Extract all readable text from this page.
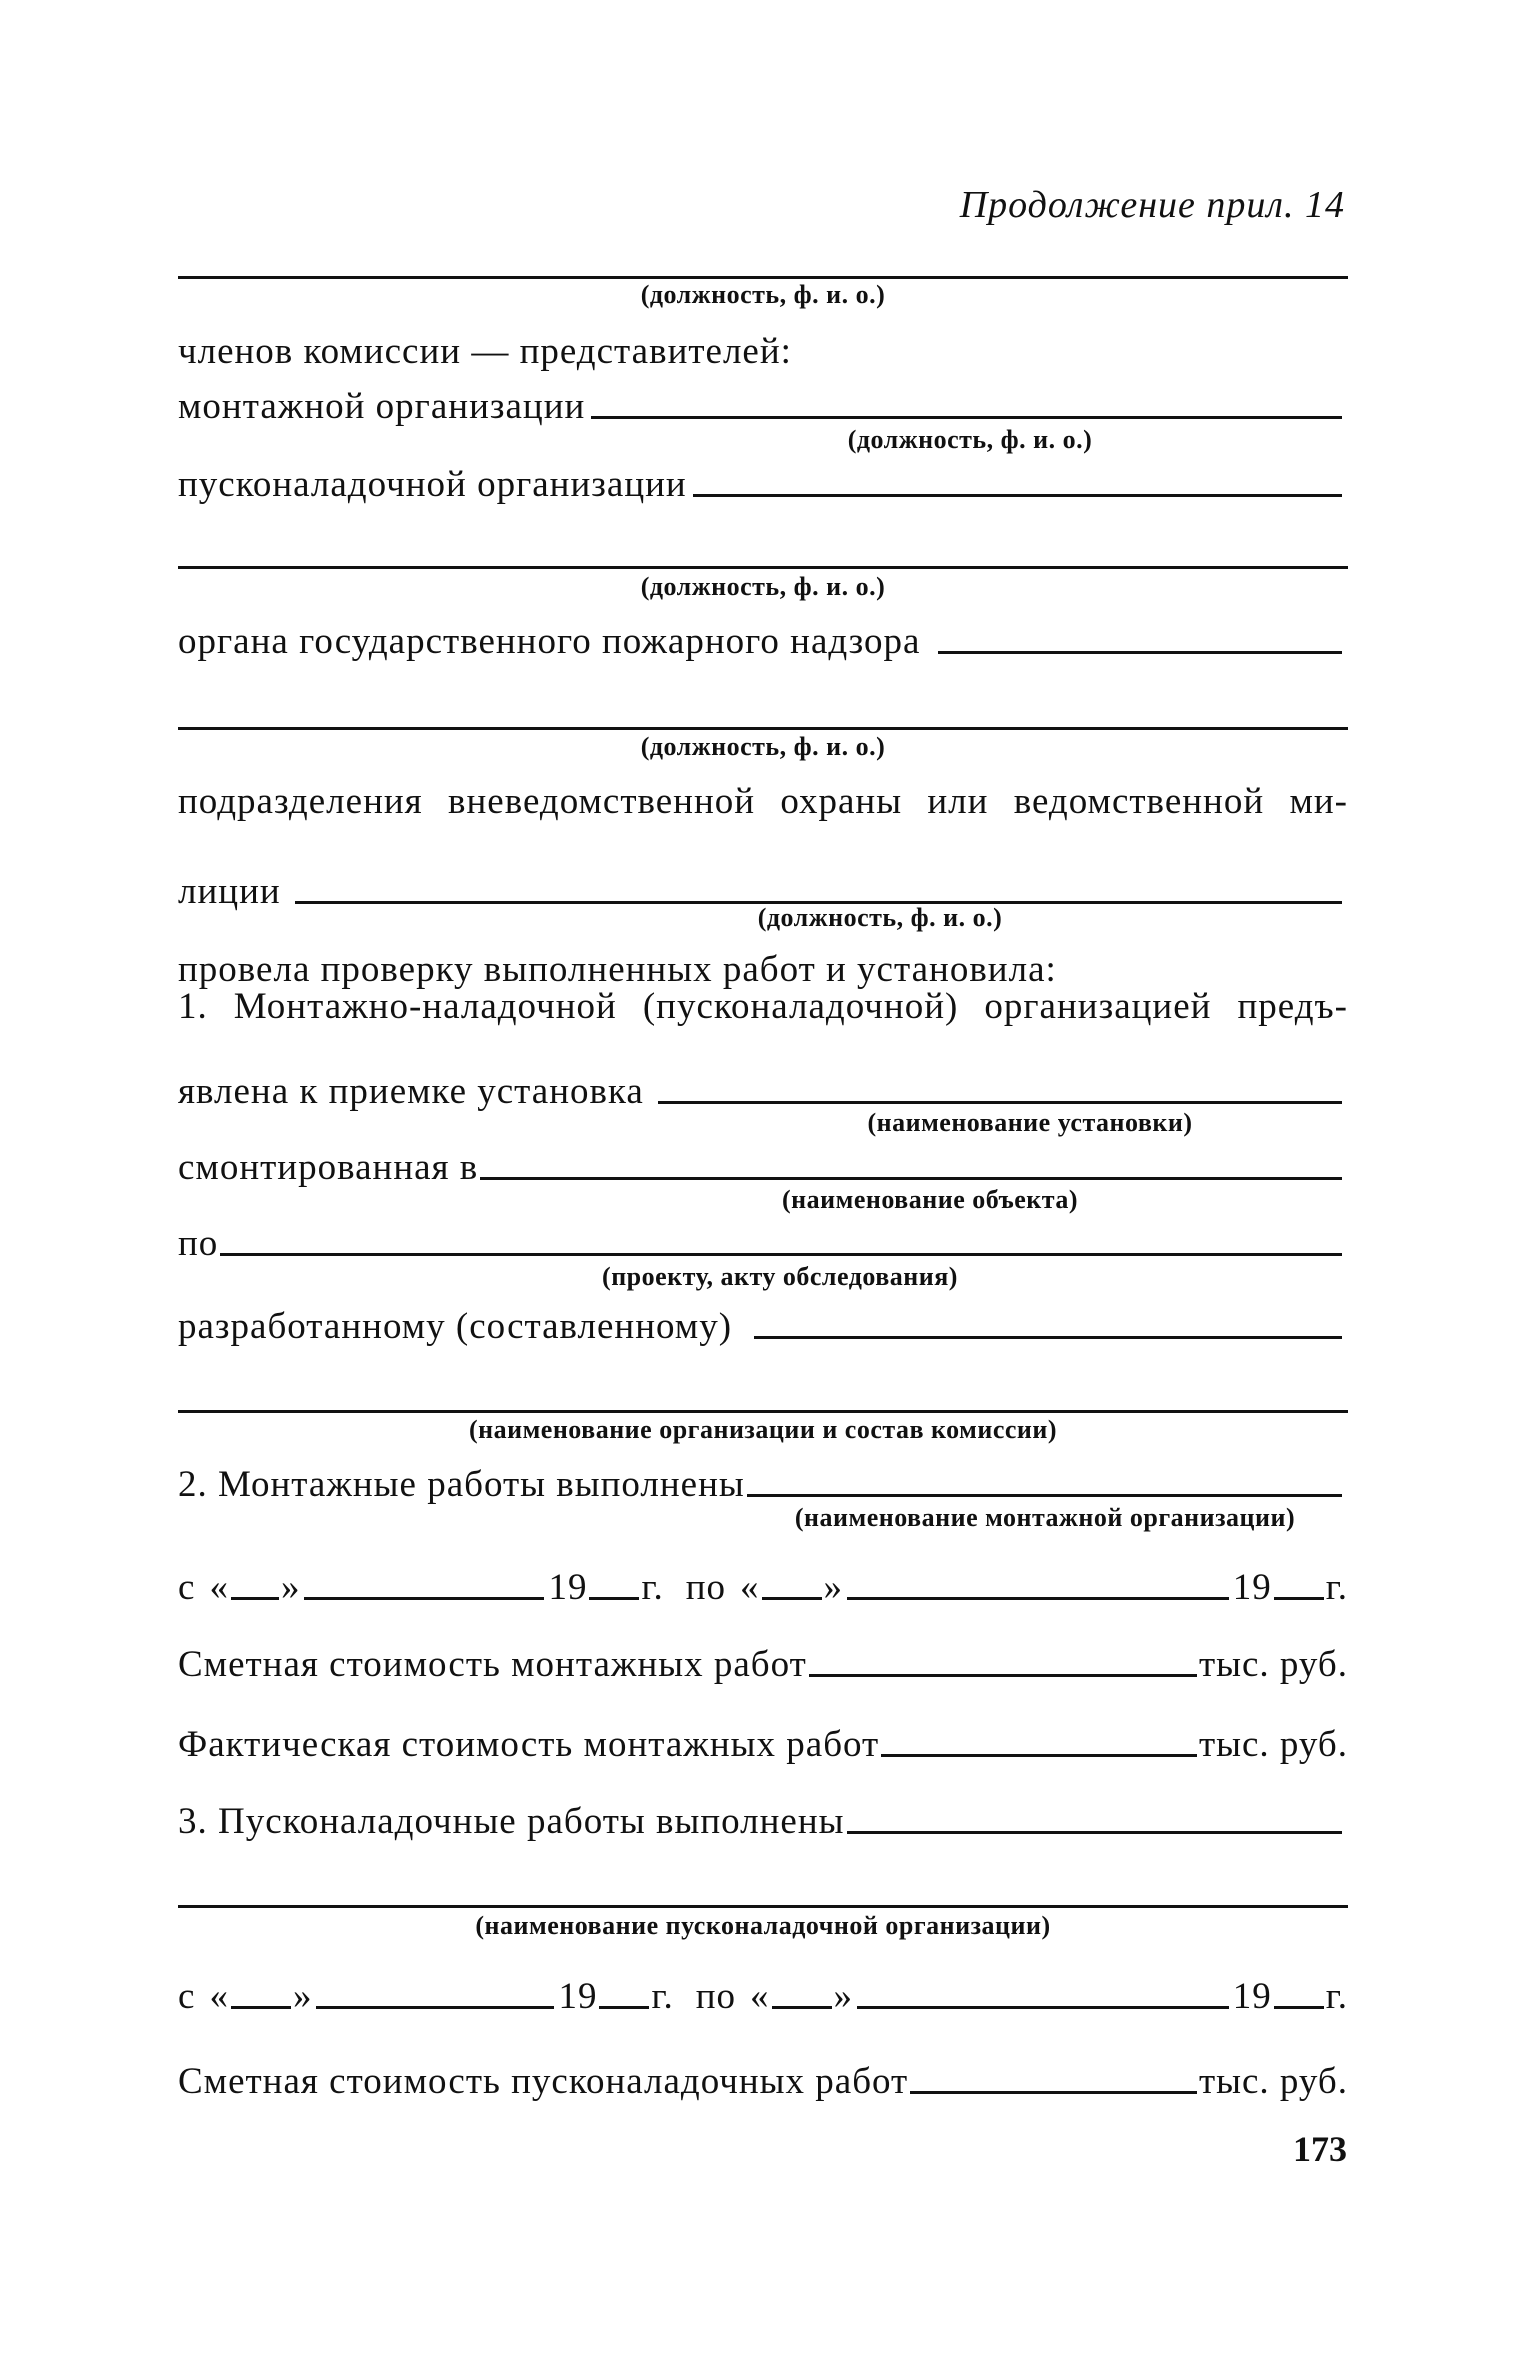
Продолжение прил. 14
(должность, ф. и. о.)
членов комиссии — представителей:
монтажной организации
(должность, ф. и. о.)
пусконаладочной организации
(должность, ф. и. о.)
органа государственного пожарного надзора
(должность, ф. и. о.)
подразделения вневедомственной охраны или ведомственной ми-
лиции
(должность, ф. и. о.)
провела проверку выполненных работ и установила:
1. Монтажно-наладочной (пусконаладочной) организацией предъ-
явлена к приемке установка
(наименование установки)
смонтированная в
(наименование объекта)
по
(проекту, акту обследования)
разработанному (составленному)
(наименование организации и состав комиссии)
2. Монтажные работы выполнены
(наименование монтажной организации)
с « »	19 г. по « »	19 г.
Сметная стоимость монтажных работ	тыс. руб.
Фактическая стоимость монтажных работ	тыс. руб.
3. Пусконаладочные работы выполнены
(наименование пусконаладочной организации)
с « »	19 г. по « »	19 г.
Сметная стоимость пусконаладочных работ	тыс. руб.
173
